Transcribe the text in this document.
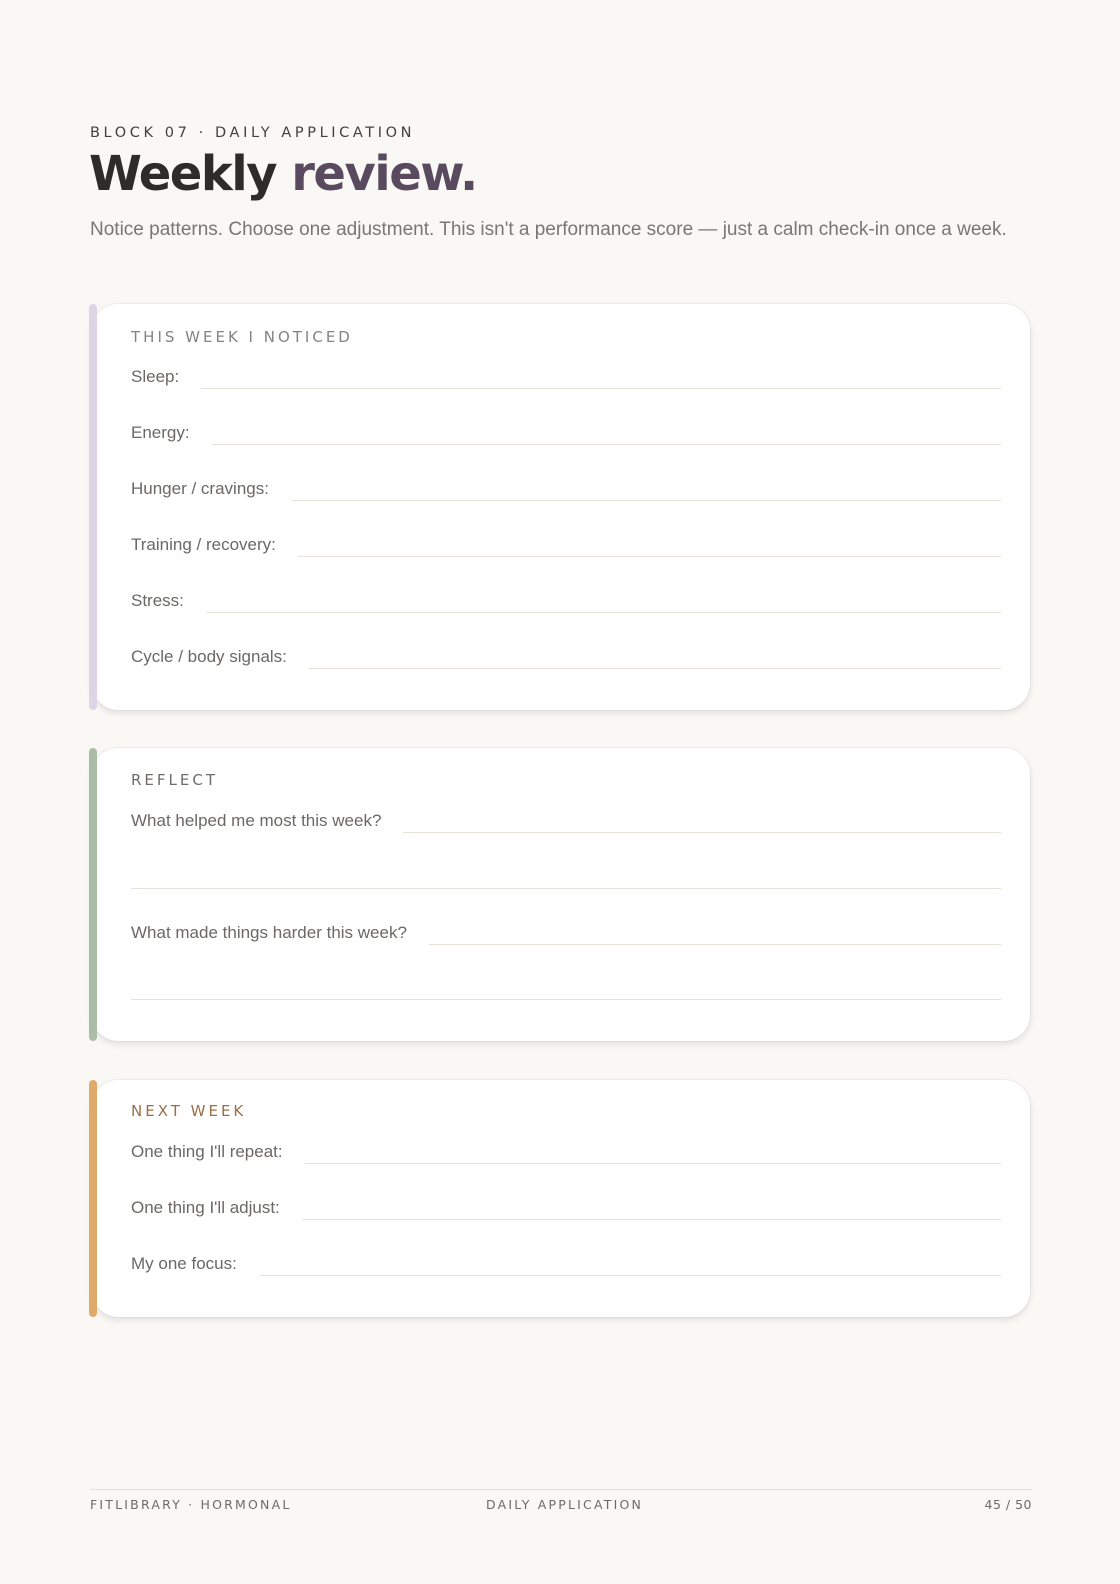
BLOCK 07 · DAILY APPLICATION
Weekly review.

Notice patterns. Choose one adjustment. This isn't a performance score — just a calm check-in once a week.

THIS WEEK I NOTICED
Sleep:
Energy:
Hunger / cravings:
Training / recovery:
Stress:
Cycle / body signals:
REFLECT
What helped me most this week?
What made things harder this week?
NEXT WEEK
One thing I'll repeat:
One thing I'll adjust:
My one focus:
FITLIBRARY · HORMONAL	DAILY APPLICATION	45 / 50
